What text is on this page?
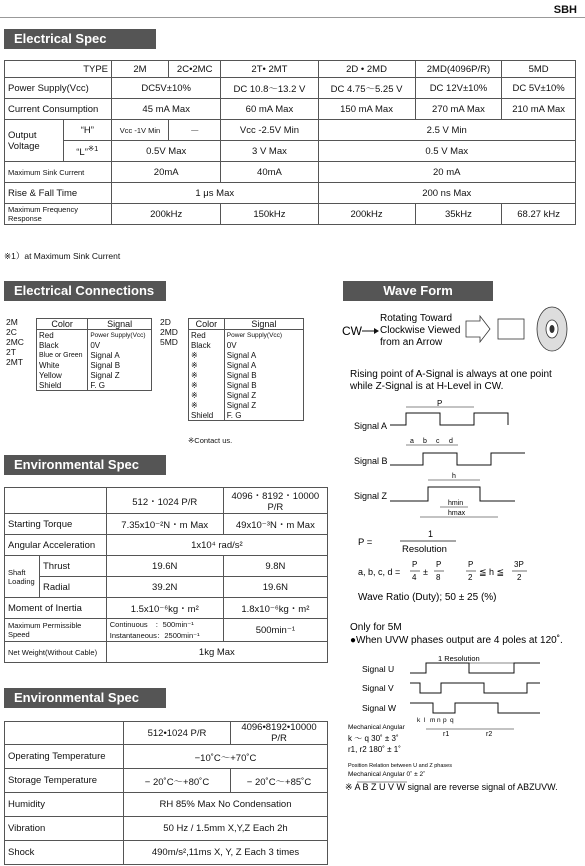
SBH
Electrical Spec
TYPE		2M	2C•2MC	2T• 2MT	2D • 2MD	2MD(4096P/R)	5MD
Power Supply(Vcc)		DC5V±10%		DC 10.8～13.2 V	DC 4.75～5.25 V	DC 12V±10%	DC 5V±10%
Current Consumption		45 mA Max		60 mA Max	150 mA Max	270 mA Max	210 mA Max
Output Voltage	“H”	Vcc -1V Min	－	Vcc -2.5V Min	2.5 V Min		
	“L”$^{※1}$	0.5V Max		3 V Max	0.5 V Max		
Maximum Sink Current		20mA		40mA	20 mA		
Rise & Fall Time		1 μs Max			200 ns Max		
Maximum Frequency Response		200kHz		150kHz	200kHz	35kHz	68.27 kHz
※1）at Maximum Sink Current
Electrical Connections
2M
2C
2MC
2T
2MT
Color	Signal
Red	Power Supply(Vcc)
Black	0V
Blue or Green	Signal A
White	Signal B
Yellow	Signal Z
Shield	F. G
2D
2MD
5MD
Color	Signal
Red	Power Supply(Vcc)
Black	0V
※	Signal A
※	Signal A
※	Signal B
※	Signal B
※	Signal Z
※	Signal Z
Shield	F. G
※Contact us.
Environmental Spec
		512・1024 P/R	4096・8192・10000 P/R
Starting Torque		7.35x10⁻²N・m Max	49x10⁻³N・m Max
Angular Acceleration		1x10⁴ rad/s²	
Shaft Loading	Thrust	19.6N	9.8N
	Radial	39.2N	19.6N
Moment of Inertia		1.5x10⁻⁶kg・m²	1.8x10⁻⁶kg・m²
Maximum Permissible Speed		Continuous　：500min⁻¹
Instantaneous：2500min⁻¹	500min⁻¹
Net Weight(Without Cable)		1kg Max	
Environmental Spec
	512•1024 P/R	4096•8192•10000 P/R
Operating Temperature	−10˚C～+70˚C	
Storage Temperature	− 20˚C～+80˚C	− 20˚C～+85˚C
Humidity	RH 85% Max No Condensation	
Vibration	50 Hz / 1.5mm X,Y,Z Each 2h	
Shock	490m/s²,11ms X, Y, Z Each 3 times	
Wave Form
CW
Rotating Toward
Clockwise Viewed
from an Arrow
Rising point of A-Signal is always at one point
while Z-Signal is at H-Level in CW.
Signal A
P
a b c d
Signal B
h
Signal Z
hmin
hmax
P =
1
Resolution
a, b, c, d =
P
4
±
P
8
P
2
≦ h ≦
3P
2
Wave Ratio (Duty); 50 ± 25 (%)
Only for 5M
●When UVW phases output are 4 poles at 120˚.
1 Resolution
Signal U
Signal V
Signal W
k l m n p q
r1	r2
Mechanical Angular
k ～ q 30˚ ± 3˚
r1, r2 180˚ ± 1˚
Position Relation between U and Z phases
Mechanical Angular 0˚ ± 2˚
※ A B Z U V W signal are reverse signal of ABZUVW.
